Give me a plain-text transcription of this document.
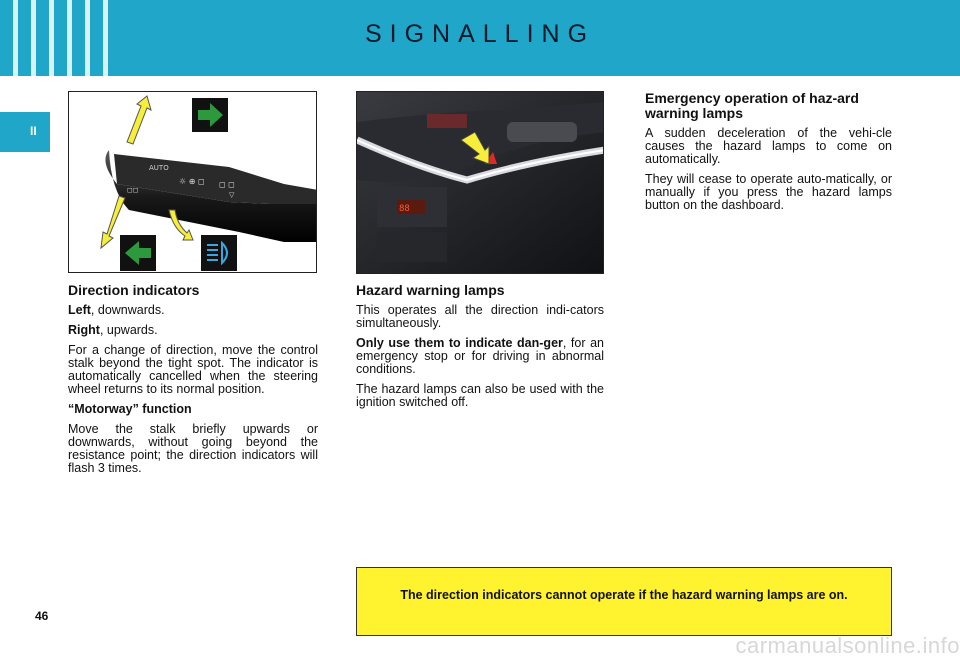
SIGNALLING
II
AUTO
☼ ⊕ ◻ ◻ ◻
◻◻
▽
88
Direction indicators

Left, downwards.

Right, upwards.

For a change of direction, move the control stalk beyond the tight spot. The indicator is automatically cancelled when the steering wheel returns to its normal position.

“Motorway” function

Move the stalk briefly upwards or downwards, without going beyond the resistance point; the direction indicators will flash 3 times.

Hazard warning lamps

This operates all the direction indi-cators simultaneously.

Only use them to indicate dan-ger, for an emergency stop or for driving in abnormal conditions.

The hazard lamps can also be used with the ignition switched off.

Emergency operation of haz-ard warning lamps

A sudden deceleration of the vehi-cle causes the hazard lamps to come on automatically.

They will cease to operate auto-matically, or manually if you press the hazard lamps button on the dashboard.

The direction indicators cannot operate if the hazard warning lamps are on.
46
carmanualsonline.info
